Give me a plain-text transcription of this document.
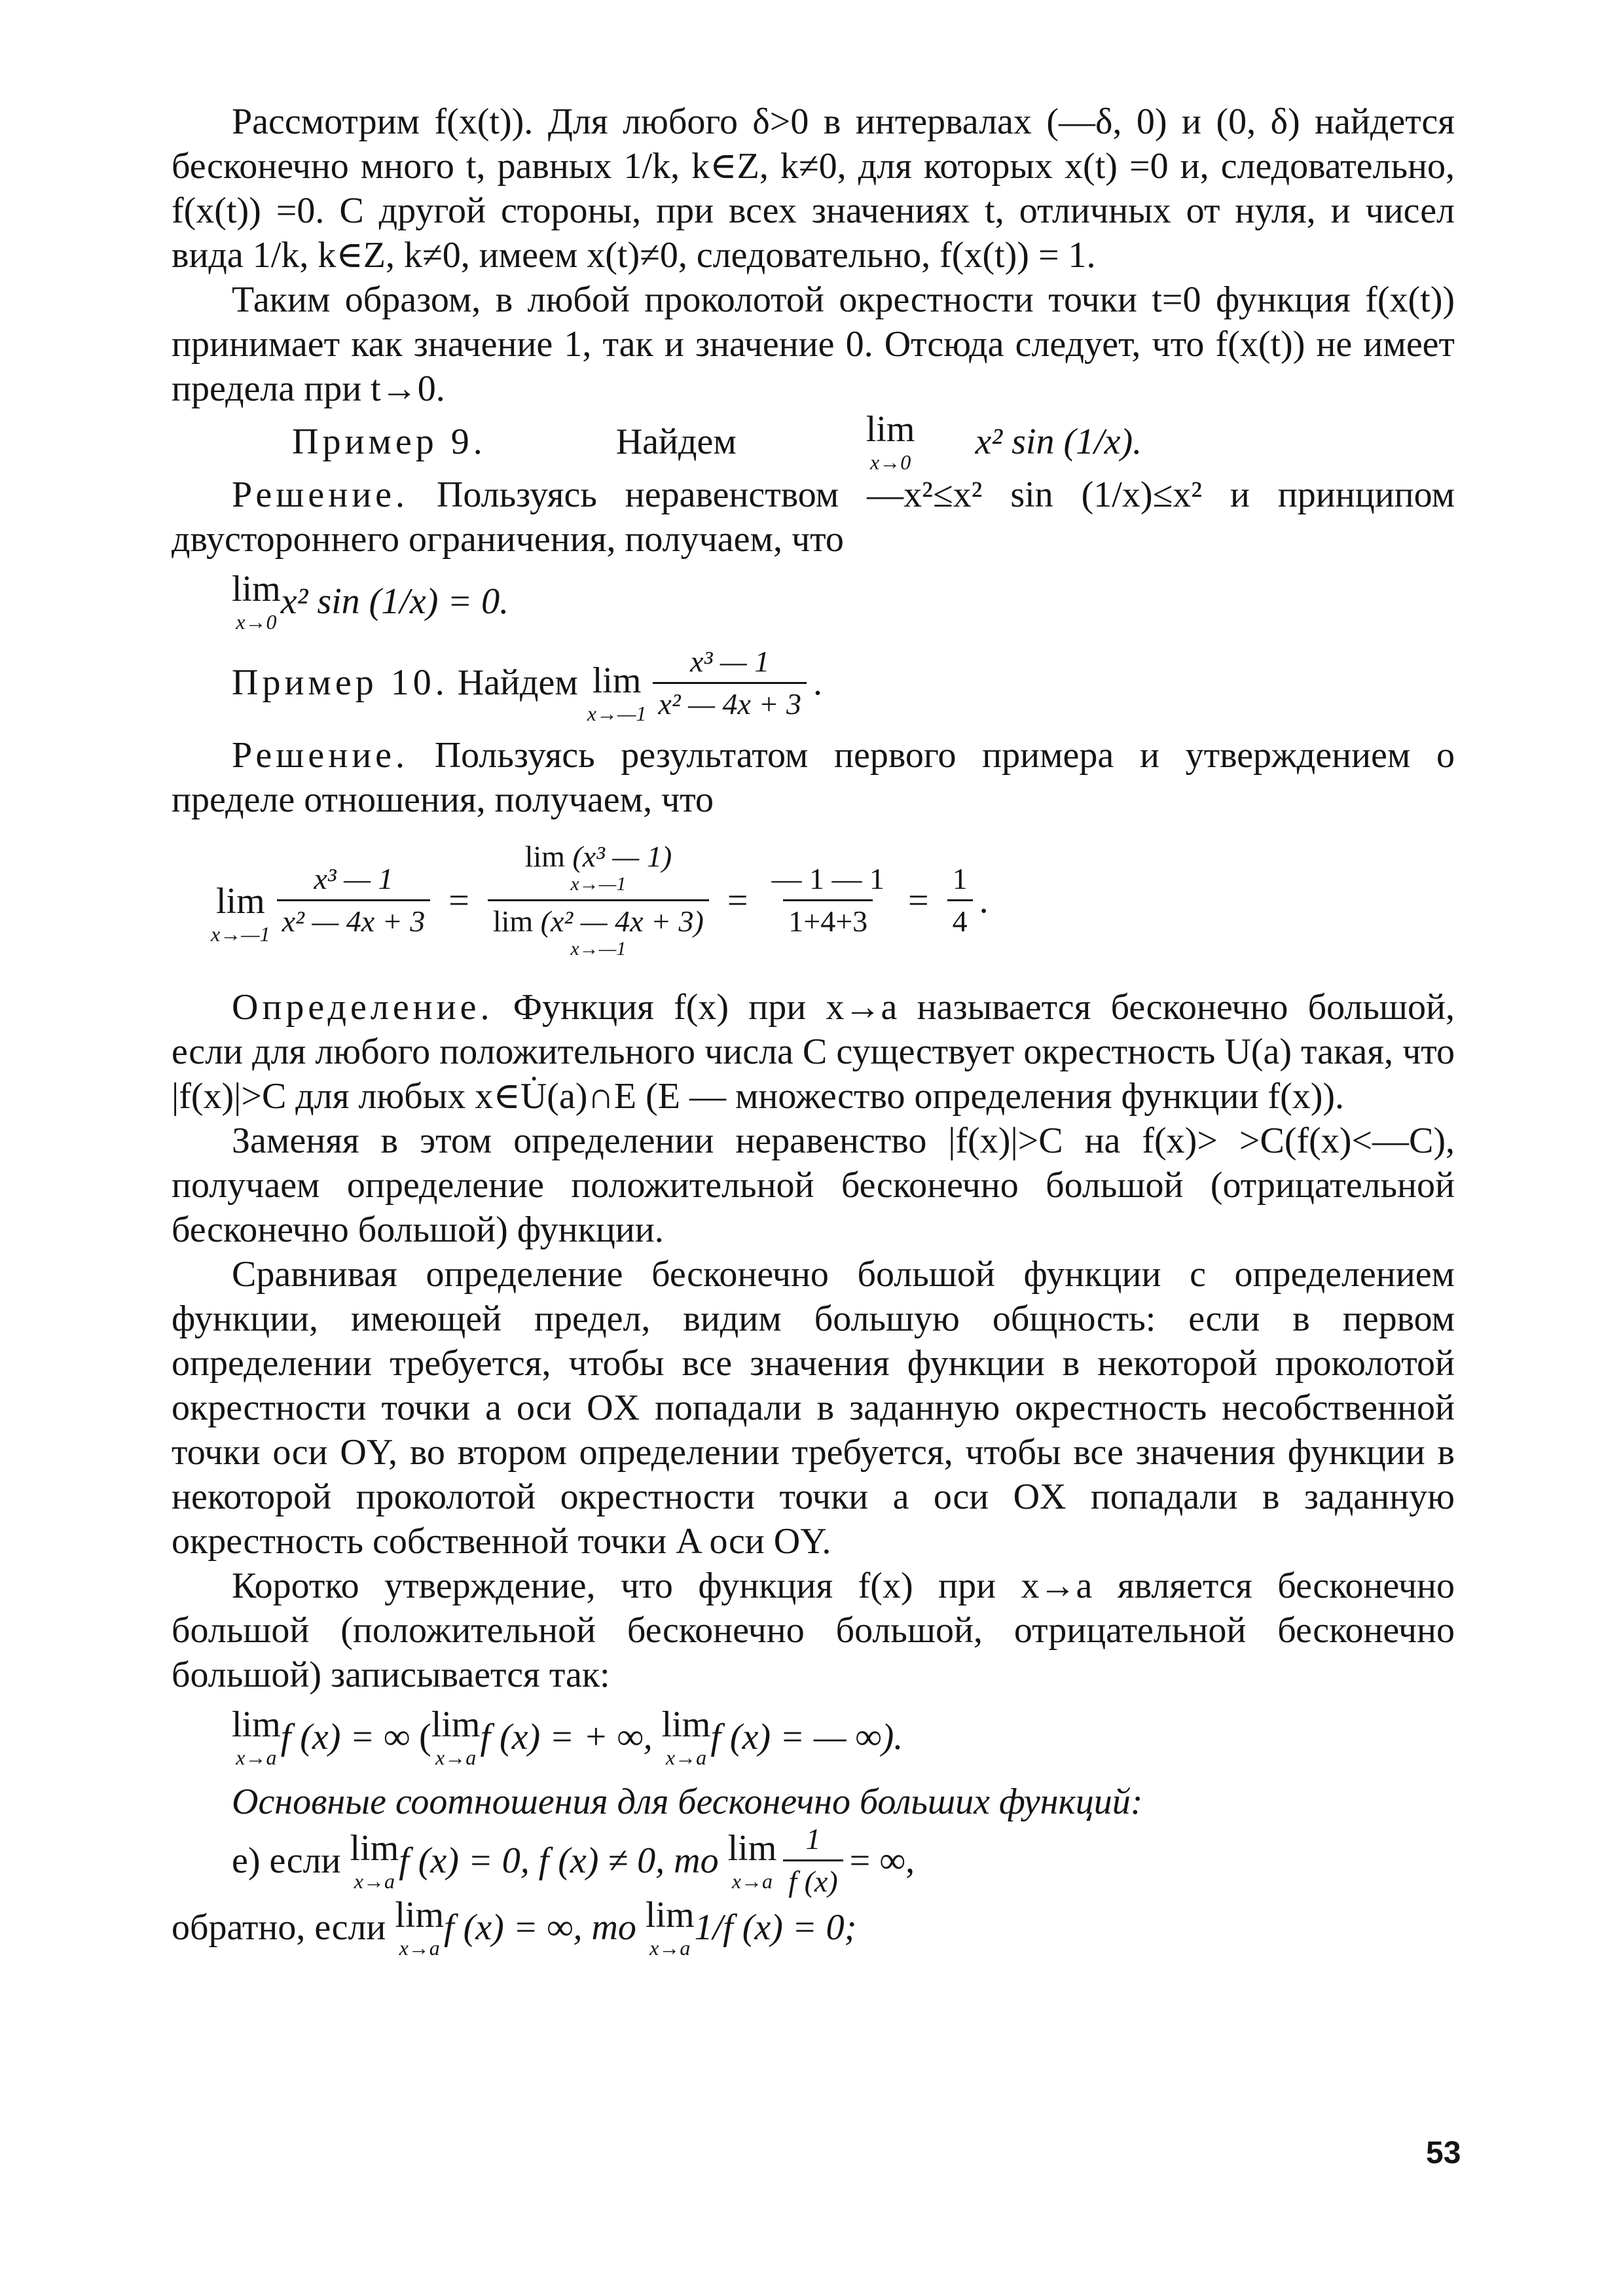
Рассмотрим f(x(t)). Для любого δ>0 в интервалах (—δ, 0) и (0, δ) найдется бесконечно много t, равных 1/k, k∈Z, k≠0, для которых x(t) =0 и, следовательно, f(x(t)) =0. С другой стороны, при всех значениях t, отличных от нуля, и чисел вида 1/k, k∈Z, k≠0, имеем x(t)≠0, следовательно, f(x(t)) = 1.

Таким образом, в любой проколотой окрестности точки t=0 функция f(x(t)) принимает как значение 1, так и значение 0. Отсюда следует, что f(x(t)) не имеет предела при t→0.

Пример 9.
	Найдем
	lim
x→0	x² sin (1/x).

Решение. Пользуясь неравенством —x²≤x² sin (1/x)≤x² и принципом двустороннего ограничения, получаем, что

lim
x→0 x² sin (1/x) = 0.
Пример 10.
Найдем
lim
x→—1 $\frac{\text{x³ — 1}}{\text{x² — 4x + 3}}$ .

Решение. Пользуясь результатом первого примера и утверждением о пределе отношения, получаем, что

lim
x→—1 $\frac{\text{x³ — 1}}{\text{x² — 4x + 3}} = \lim (x^3$ — 1)
x→—1
lim (x² — 4x + 3)
x→—1 = $\frac{— 1 — 1}{1+4+3} = \frac{1}{4}$ .

Определение. Функция f(x) при x→a называется бесконечно большой, если для любого положительного числа C существует окрестность U(a) такая, что |f(x)|>C для любых x∈U̇(a)∩E (E — множество определения функции f(x)).

Заменяя в этом определении неравенство |f(x)|>C на f(x)> >C(f(x)<—C), получаем определение положительной бесконечно большой (отрицательной бесконечно большой) функции.

Сравнивая определение бесконечно большой функции с определением функции, имеющей предел, видим большую общность: если в первом определении требуется, чтобы все значения функции в некоторой проколотой окрестности точки a оси OX попадали в заданную окрестность несобственной точки оси OY, во втором определении требуется, чтобы все значения функции в некоторой проколотой окрестности точки a оси OX попадали в заданную окрестность собственной точки A оси OY.

Коротко утверждение, что функция f(x) при x→a является бесконечно большой (положительной бесконечно большой, отрицательной бесконечно большой) записывается так:

lim
x→a f (x) = ∞
( lim
x→a f (x) = + ∞,
lim
x→a f (x) = — ∞).

Основные соотношения для бесконечно больших функций:

е) если
lim
x→a f (x) = 0, f (x) ≠ 0, то
lim
$x\to a \frac{1}{f (x)}$ = ∞,
обратно, если
lim
x→a f (x) = ∞, то
lim
x→a 1/f (x) = 0;
53
